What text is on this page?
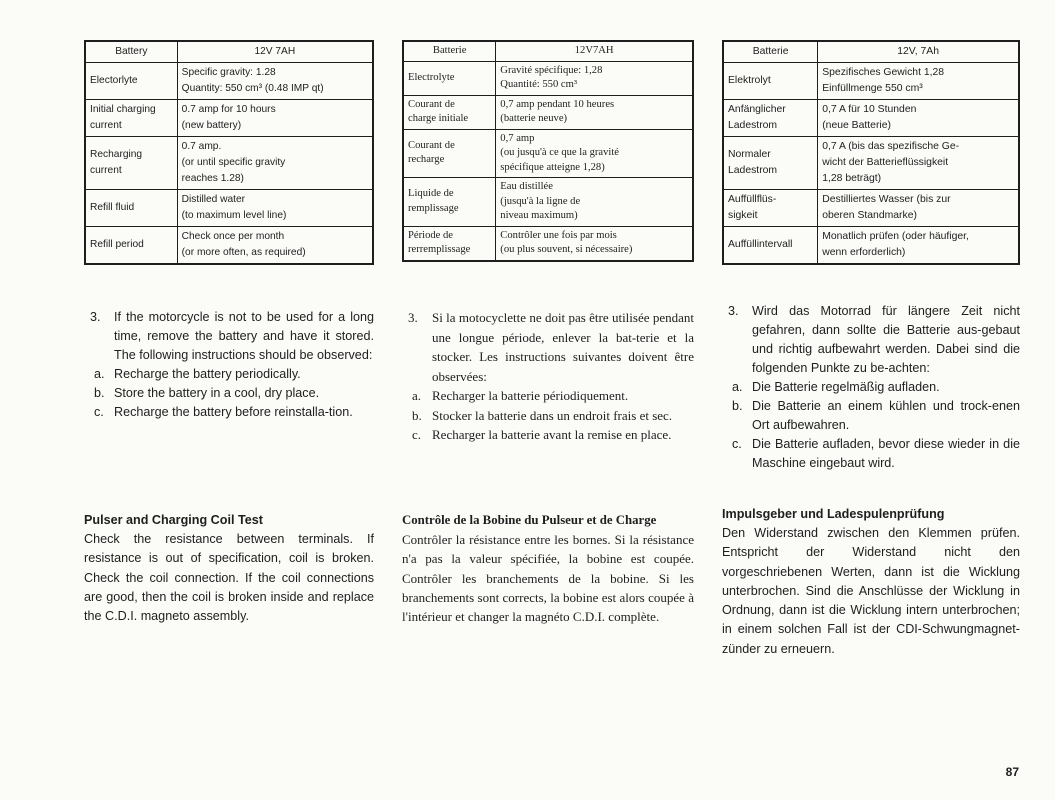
Battery	12V 7AH
Electorlyte	Specific gravity: 1.28
Quantity: 550 cm³ (0.48 IMP qt)
Initial charging
current	0.7 amp for 10 hours
(new battery)
Recharging
current	0.7 amp.
(or until specific gravity
reaches 1.28)
Refill fluid	Distilled water
(to maximum level line)
Refill period	Check once per month
(or more often, as required)
3. If the motorcycle is not to be used for a long time, remove the battery and have it stored. The following instructions should be observed:
a. Recharge the battery periodically.
b. Store the battery in a cool, dry place.
c. Recharge the battery before reinstalla-tion.
Pulser and Charging Coil Test

Check the resistance between terminals. If resistance is out of specification, coil is broken. Check the coil connection. If the coil connections are good, then the coil is broken inside and replace the C.D.I. magneto assembly.

Batterie	12V7AH
Electrolyte	Gravité spécifique: 1,28
Quantité: 550 cm³
Courant de
charge initiale	0,7 amp pendant 10 heures
(batterie neuve)
Courant de
recharge	0,7 amp
(ou jusqu'à ce que la gravité
spécifique atteigne 1,28)
Liquide de
remplissage	Eau distillée
(jusqu'à la ligne de
niveau maximum)
Période de
rerremplissage	Contrôler une fois par mois
(ou plus souvent, si nécessaire)
3. Si la motocyclette ne doit pas être utilisée pendant une longue période, enlever la bat-terie et la stocker. Les instructions suivantes doivent être observées:
a. Recharger la batterie périodiquement.
b. Stocker la batterie dans un endroit frais et sec.
c. Recharger la batterie avant la remise en place.
Contrôle de la Bobine du Pulseur et de Charge

Contrôler la résistance entre les bornes. Si la résistance n'a pas la valeur spécifiée, la bobine est coupée. Contrôler les branchements de la bobine. Si les branchements sont corrects, la bobine est alors coupée à l'intérieur et changer la magnéto C.D.I. complète.

Batterie	12V, 7Ah
Elektrolyt	Spezifisches Gewicht 1,28
Einfüllmenge 550 cm³
Anfänglicher
Ladestrom	0,7 A für 10 Stunden
(neue Batterie)
Normaler
Ladestrom	0,7 A (bis das spezifische Ge-
wicht der Batterieflüssigkeit
1,28 beträgt)
Auffüllflüs-
sigkeit	Destilliertes Wasser (bis zur
oberen Standmarke)
Auffüllintervall	Monatlich prüfen (oder häufiger,
wenn erforderlich)
3. Wird das Motorrad für längere Zeit nicht gefahren, dann sollte die Batterie aus-gebaut und richtig aufbewahrt werden. Dabei sind die folgenden Punkte zu be-achten:
a. Die Batterie regelmäßig aufladen.
b. Die Batterie an einem kühlen und trock-enen Ort aufbewahren.
c. Die Batterie aufladen, bevor diese wieder in die Maschine eingebaut wird.
Impulsgeber und Ladespulenprüfung

Den Widerstand zwischen den Klemmen prüfen. Entspricht der Widerstand nicht den vorgeschriebenen Werten, dann ist die Wicklung unterbrochen. Sind die Anschlüsse der Wicklung in Ordnung, dann ist die Wicklung intern unterbrochen; in einem solchen Fall ist der CDI-Schwungmagnet-zünder zu erneuern.

87
